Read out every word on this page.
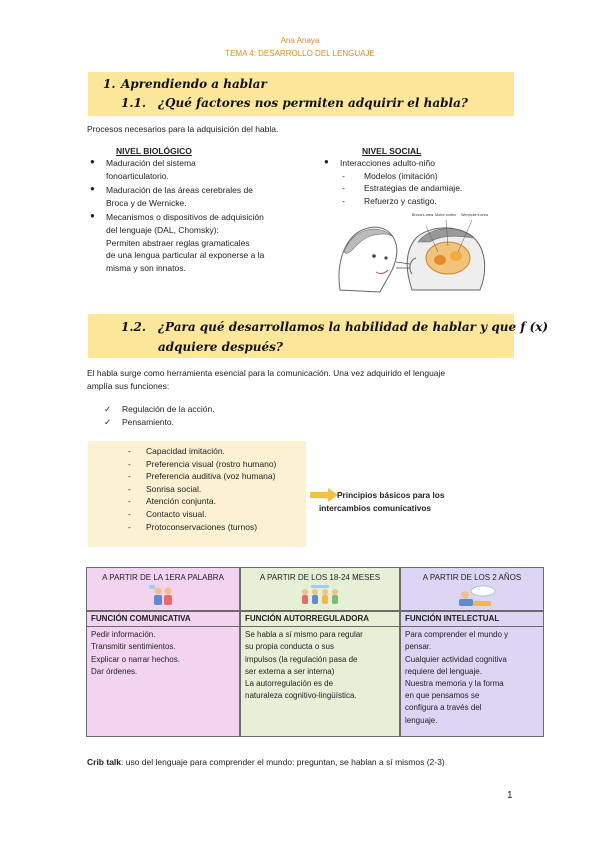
Ana Anaya
TEMA 4: DESARROLLO DEL LENGUAJE
1. Aprendiendo a hablar
1.1. ¿Qué factores nos permiten adquirir el habla?
Procesos necesarios para la adquisición del habla.
NIVEL BIOLÓGICO
● Maduración del sistema
fonoarticulatorio.
● Maduración de las áreas cerebrales de
Broca y de Wernicke.
● Mecanismos o dispositivos de adquisición
del lenguaje (DAL, Chomsky):
Permiten abstraer reglas gramaticales
de una lengua particular al exponerse a la
misma y son innatos.
NIVEL SOCIAL
● Interacciones adulto-niño
- Modelos (imitación)
- Estrategias de andamiaje.
- Refuerzo y castigo.
Broca's area Motor cortex Wernicke's area
1.2. ¿Para qué desarrollamos la habilidad de hablar y que f (x)
adquiere después?
El habla surge como herramienta esencial para la comunicación. Una vez adquirido el lenguaje
amplía sus funciones:
✓ Regulación de la acción.
✓ Pensamiento.
- Capacidad imitación.
- Preferencia visual (rostro humano)
- Preferencia auditiva (voz humana)
- Sonrisa social.
- Atención conjunta.
- Contacto visual.
- Protoconservaciones (turnos)
Principios básicos para los
intercambios comunicativos
A PARTIR DE LA 1ERA PALABRA
FUNCIÓN COMUNICATIVA
Pedir información.
Transmitir sentimientos.
Explicar o narrar hechos.
Dar órdenes.
A PARTIR DE LOS 18-24 MESES
FUNCIÓN AUTORREGULADORA
Se habla a sí mismo para regular
su propia conducta o sus
impulsos (la regulación pasa de
ser externa a ser interna)
La autorregulación es de
naturaleza cognitivo-lingüística.
A PARTIR DE LOS 2 AÑOS
FUNCIÓN INTELECTUAL
Para comprender el mundo y
pensar.
Cualquier actividad cognitiva
requiere del lenguaje.
Nuestra memoria y la forma
en que pensamos se
configura a través del
lenguaje.
Crib talk: uso del lenguaje para comprender el mundo: preguntan, se hablan a sí mismos (2-3)
1
